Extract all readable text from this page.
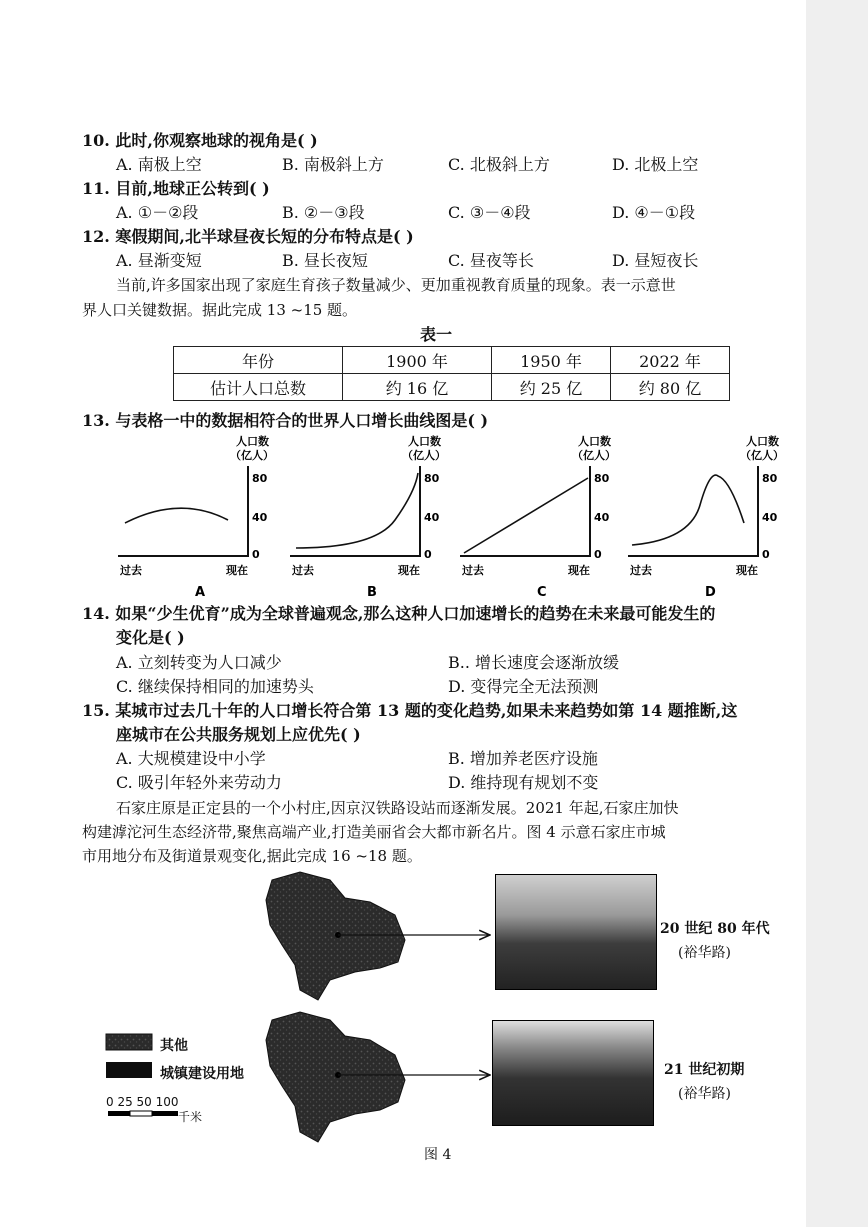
10. 此时,你观察地球的视角是( )
A. 南极上空	B. 南极斜上方	C. 北极斜上方	D. 北极上空
11. 目前,地球正公转到( )
A. ①－②段	B. ②－③段	C. ③－④段	D. ④－①段
12. 寒假期间,北半球昼夜长短的分布特点是( )
A. 昼渐变短	B. 昼长夜短	C. 昼夜等长	D. 昼短夜长
当前,许多国家出现了家庭生育孩子数量减少、更加重视教育质量的现象。表一示意世
界人口关键数据。据此完成 13 ~15 题。
表一
年份	1900 年	1950 年	2022 年
估计人口总数	约 16 亿	约 25 亿	约 80 亿
13. 与表格一中的数据相符合的世界人口增长曲线图是( )
人口数
（亿人）
80
40
0
过去	现在
A
人口数
（亿人）
80
40
0
过去	现在
B
人口数
（亿人）
80
40
0
过去	现在
C
人口数
（亿人）
80
40
0
过去	现在
D
14. 如果“少生优育”成为全球普遍观念,那么这种人口加速增长的趋势在未来最可能发生的
变化是( )
A. 立刻转变为人口减少	B.. 增长速度会逐渐放缓
C. 继续保持相同的加速势头	D. 变得完全无法预测
15. 某城市过去几十年的人口增长符合第 13 题的变化趋势,如果未来趋势如第 14 题推断,这
座城市在公共服务规划上应优先( )
A. 大规模建设中小学	B. 增加养老医疗设施
C. 吸引年轻外来劳动力	D. 维持现有规划不变
石家庄原是正定县的一个小村庄,因京汉铁路设站而逐渐发展。2021 年起,石家庄加快
构建滹沱河生态经济带,聚焦高端产业,打造美丽省会大都市新名片。图 4 示意石家庄市城
市用地分布及街道景观变化,据此完成 16 ~18 题。
20 世纪 80 年代
(裕华路)
21 世纪初期
(裕华路)
其他
城镇建设用地
0 25 50 100
千米
图 4
